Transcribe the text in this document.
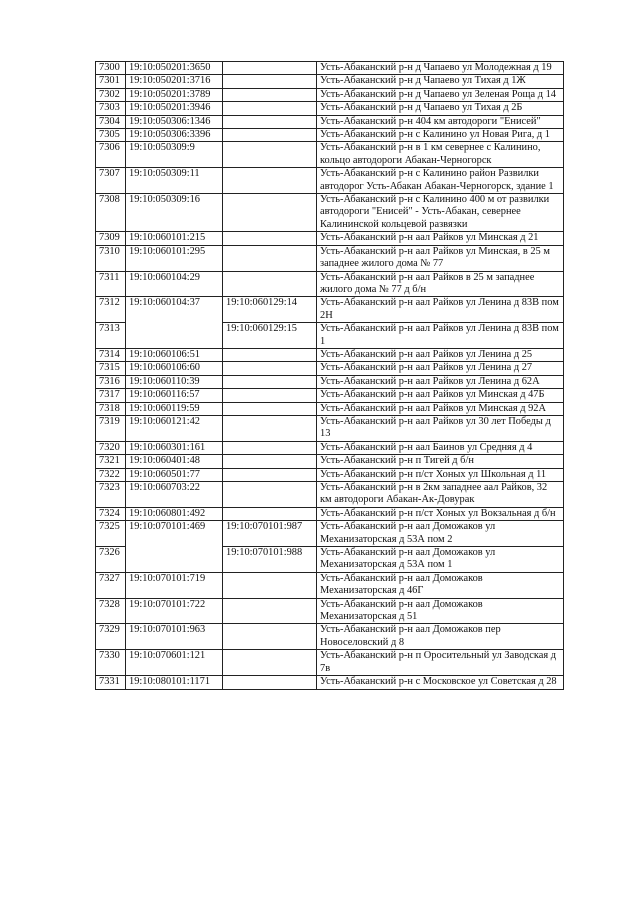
7300	19:10:050201:3650		Усть-Абаканский р-н д Чапаево ул Молодежная д 19
7301	19:10:050201:3716		Усть-Абаканский р-н д Чапаево ул Тихая д 1Ж
7302	19:10:050201:3789		Усть-Абаканский р-н д Чапаево ул Зеленая Роща д 14
7303	19:10:050201:3946		Усть-Абаканский р-н д Чапаево ул Тихая д 2Б
7304	19:10:050306:1346		Усть-Абаканский р-н 404 км автодороги "Енисей"
7305	19:10:050306:3396		Усть-Абаканский р-н с Калинино ул Новая Рига, д 1
7306	19:10:050309:9		Усть-Абаканский р-н в 1 км севернее с Калинино, кольцо автодороги Абакан-Черногорск
7307	19:10:050309:11		Усть-Абаканский р-н с Калинино район Развилки автодорог Усть-Абакан Абакан-Черногорск, здание 1
7308	19:10:050309:16		Усть-Абаканский р-н с Калинино 400 м от развилки автодороги "Енисей" - Усть-Абакан, севернее Калининской кольцевой развязки
7309	19:10:060101:215		Усть-Абаканский р-н аал Райков ул Минская д 21
7310	19:10:060101:295		Усть-Абаканский р-н аал Райков ул Минская, в 25 м западнее жилого дома № 77
7311	19:10:060104:29		Усть-Абаканский р-н аал Райков в 25 м западнее жилого дома № 77 д б/н
7312	19:10:060104:37	19:10:060129:14	Усть-Абаканский р-н аал Райков ул Ленина д 83В пом 2Н
7313		19:10:060129:15	Усть-Абаканский р-н аал Райков ул Ленина д 83В пом 1
7314	19:10:060106:51		Усть-Абаканский р-н аал Райков ул Ленина д 25
7315	19:10:060106:60		Усть-Абаканский р-н аал Райков ул Ленина д 27
7316	19:10:060110:39		Усть-Абаканский р-н аал Райков ул Ленина д 62А
7317	19:10:060116:57		Усть-Абаканский р-н аал Райков ул Минская д 47Б
7318	19:10:060119:59		Усть-Абаканский р-н аал Райков ул Минская д 92А
7319	19:10:060121:42		Усть-Абаканский р-н аал Райков ул 30 лет Победы д 13
7320	19:10:060301:161		Усть-Абаканский р-н аал Баинов ул Средняя д 4
7321	19:10:060401:48		Усть-Абаканский р-н п Тигей д б/н
7322	19:10:060501:77		Усть-Абаканский р-н п/ст Хоных ул Школьная д 11
7323	19:10:060703:22		Усть-Абаканский р-н в 2км западнее аал Райков, 32 км автодороги Абакан-Ак-Довурак
7324	19:10:060801:492		Усть-Абаканский р-н п/ст Хоных ул Вокзальная д б/н
7325	19:10:070101:469	19:10:070101:987	Усть-Абаканский р-н аал Доможаков ул Механизаторская д 53А пом 2
7326		19:10:070101:988	Усть-Абаканский р-н аал Доможаков ул Механизаторская д 53А пом 1
7327	19:10:070101:719		Усть-Абаканский р-н аал Доможаков Механизаторская д 46Г
7328	19:10:070101:722		Усть-Абаканский р-н аал Доможаков Механизаторская д 51
7329	19:10:070101:963		Усть-Абаканский р-н аал Доможаков пер Новоселовский д 8
7330	19:10:070601:121		Усть-Абаканский р-н п Оросительный ул Заводская д 7в
7331	19:10:080101:1171		Усть-Абаканский р-н с Московское ул Советская д 28
